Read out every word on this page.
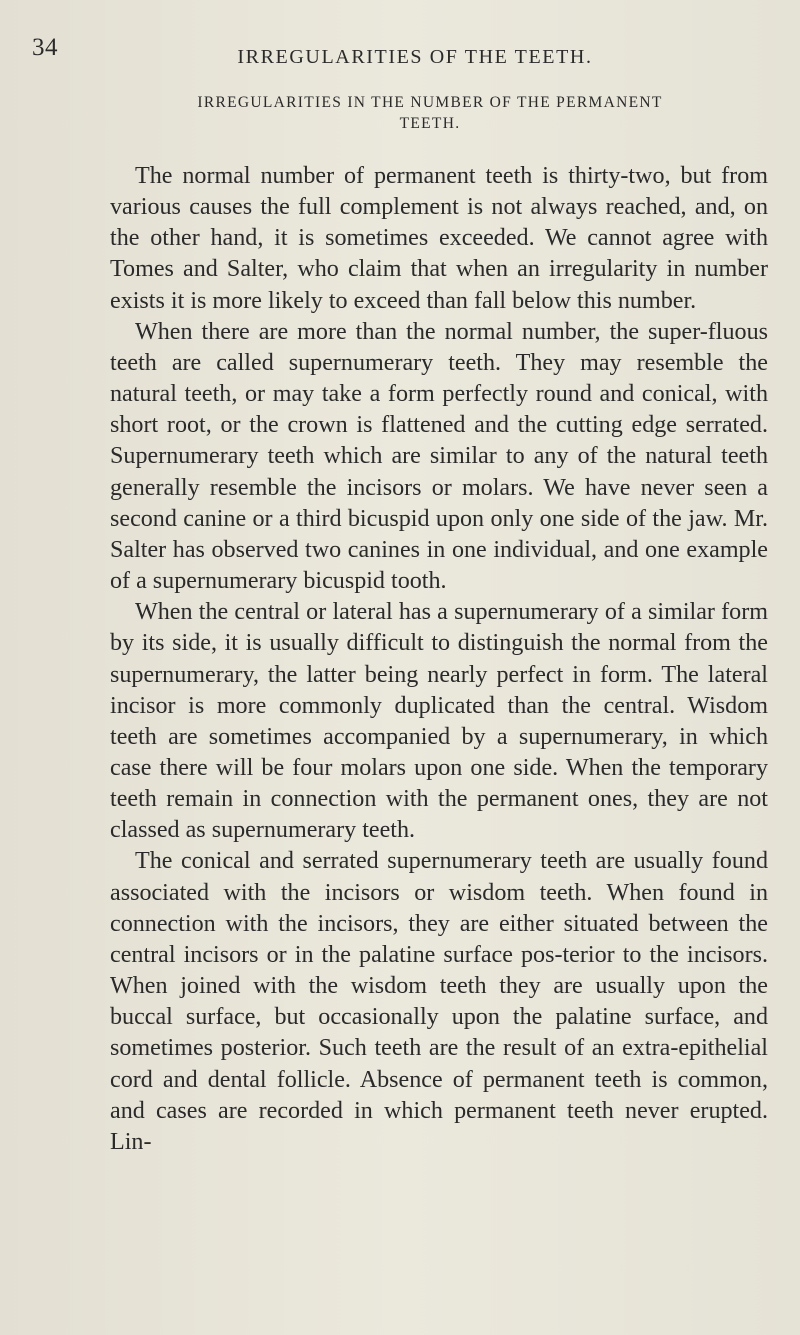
34	IRREGULARITIES OF THE TEETH.
IRREGULARITIES IN THE NUMBER OF THE PERMANENT
TEETH.

The normal number of permanent teeth is thirty-two, but from various causes the full complement is not always reached, and, on the other hand, it is sometimes exceeded. We cannot agree with Tomes and Salter, who claim that when an irregularity in number exists it is more likely to exceed than fall below this number.

When there are more than the normal number, the super-fluous teeth are called supernumerary teeth. They may resemble the natural teeth, or may take a form perfectly round and conical, with short root, or the crown is flattened and the cutting edge serrated. Supernumerary teeth which are similar to any of the natural teeth generally resemble the incisors or molars. We have never seen a second canine or a third bicuspid upon only one side of the jaw. Mr. Salter has observed two canines in one individual, and one example of a supernumerary bicuspid tooth.

When the central or lateral has a supernumerary of a similar form by its side, it is usually difficult to distinguish the normal from the supernumerary, the latter being nearly perfect in form. The lateral incisor is more commonly duplicated than the central. Wisdom teeth are sometimes accompanied by a supernumerary, in which case there will be four molars upon one side. When the temporary teeth remain in connection with the permanent ones, they are not classed as supernumerary teeth.

The conical and serrated supernumerary teeth are usually found associated with the incisors or wisdom teeth. When found in connection with the incisors, they are either situated between the central incisors or in the palatine surface pos-terior to the incisors. When joined with the wisdom teeth they are usually upon the buccal surface, but occasionally upon the palatine surface, and sometimes posterior. Such teeth are the result of an extra-epithelial cord and dental follicle. Absence of permanent teeth is common, and cases are recorded in which permanent teeth never erupted. Lin-
